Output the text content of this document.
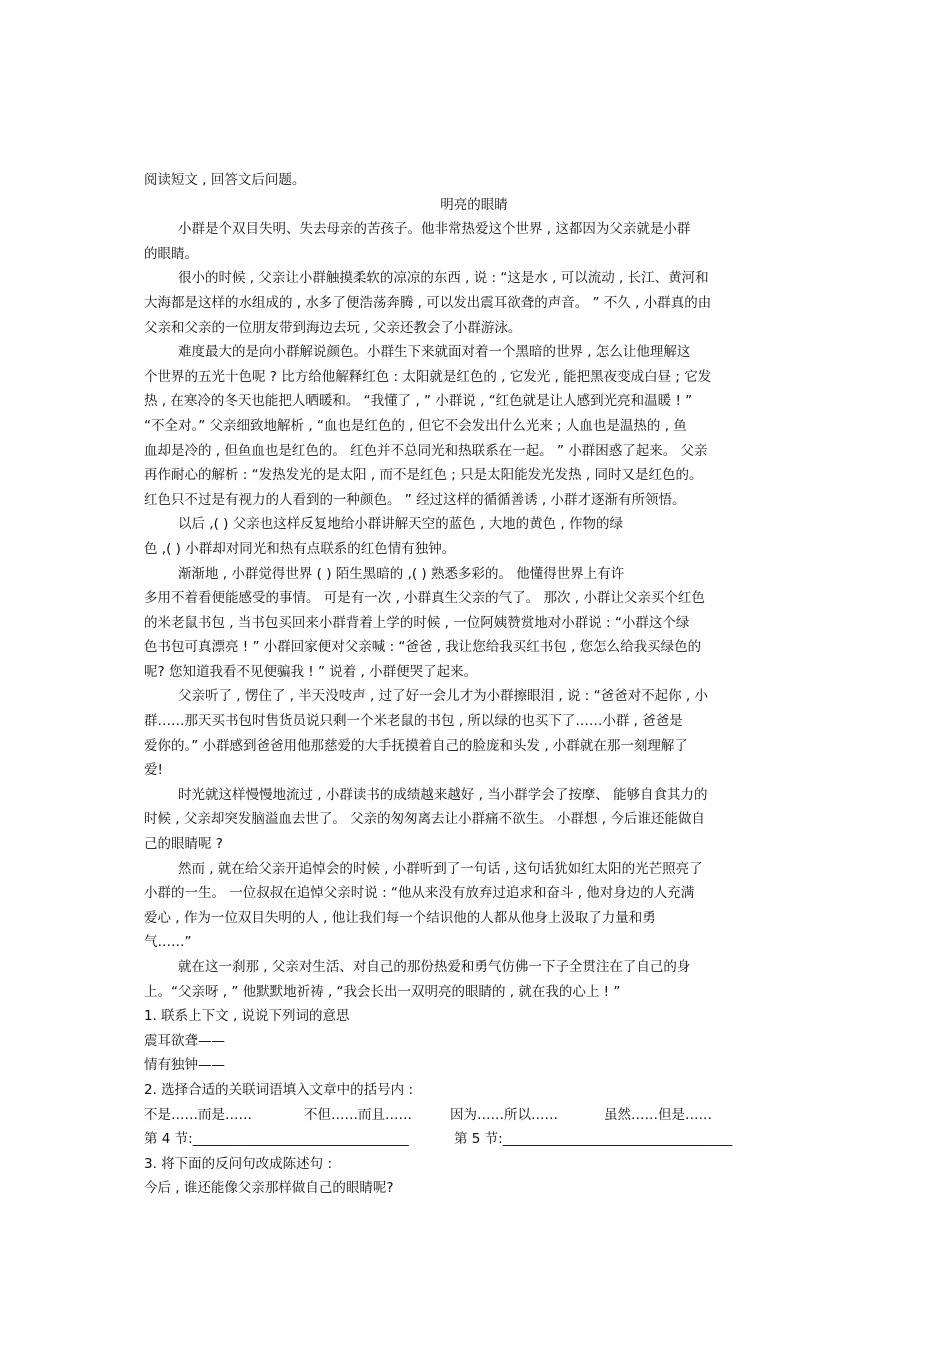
阅读短文 , 回答文后问题。
明亮的眼睛
小群是个双目失明、失去母亲的苦孩子。他非常热爱这个世界 , 这都因为父亲就是小群
的眼睛。
很小的时候 , 父亲让小群触摸柔软的凉凉的东西 , 说 : “这是水 , 可以流动 , 长江、黄河和
大海都是这样的水组成的 , 水多了便浩荡奔腾 , 可以发出震耳欲聋的声音。 ” 不久 , 小群真的由
父亲和父亲的一位朋友带到海边去玩 , 父亲还教会了小群游泳。
难度最大的是向小群解说颜色。小群生下来就面对着一个黑暗的世界 , 怎么让他理解这
个世界的五光十色呢 ? 比方给他解释红色 : 太阳就是红色的 , 它发光 , 能把黑夜变成白昼 ; 它发
热 , 在寒冷的冬天也能把人晒暖和。 “我懂了 , ” 小群说 , “红色就是让人感到光亮和温暖 ! ”
“不全对。” 父亲细致地解析 , “血也是红色的 , 但它不会发出什么光来 ; 人血也是温热的 , 鱼
血却是冷的 , 但鱼血也是红色的。 红色并不总同光和热联系在一起。 ” 小群困惑了起来。 父亲
再作耐心的解析 : “发热发光的是太阳 , 而不是红色 ; 只是太阳能发光发热 , 同时又是红色的。
红色只不过是有视力的人看到的一种颜色。 ” 经过这样的循循善诱 , 小群才逐渐有所领悟。
以后 ,( ) 父亲也这样反复地给小群讲解天空的蓝色 , 大地的黄色 , 作物的绿
色 ,( ) 小群却对同光和热有点联系的红色情有独钟。
渐渐地 , 小群觉得世界 ( ) 陌生黑暗的 ,( ) 熟悉多彩的。 他懂得世界上有许
多用不着看便能感受的事情。 可是有一次 , 小群真生父亲的气了。 那次 , 小群让父亲买个红色
的米老鼠书包 , 当书包买回来小群背着上学的时候 , 一位阿姨赞赏地对小群说 : “小群这个绿
色书包可真漂亮 ! ” 小群回家便对父亲喊 : “爸爸 , 我让您给我买红书包 , 您怎么给我买绿色的
呢? 您知道我看不见便骗我 ! ” 说着 , 小群便哭了起来。
父亲听了 , 愣住了 , 半天没吱声 , 过了好一会儿才为小群擦眼泪 , 说 : “爸爸对不起你 , 小
群……那天买书包时售货员说只剩一个米老鼠的书包 , 所以绿的也买下了……小群 , 爸爸是
爱你的。” 小群感到爸爸用他那慈爱的大手抚摸着自己的脸庞和头发 , 小群就在那一刻理解了
爱!
时光就这样慢慢地流过 , 小群读书的成绩越来越好 , 当小群学会了按摩、 能够自食其力的
时候 , 父亲却突发脑溢血去世了。 父亲的匆匆离去让小群痛不欲生。 小群想 , 今后谁还能做自
己的眼睛呢 ?
然而 , 就在给父亲开追悼会的时候 , 小群听到了一句话 , 这句话犹如红太阳的光芒照亮了
小群的一生。 一位叔叔在追悼父亲时说 : “他从来没有放弃过追求和奋斗 , 他对身边的人充满
爱心 , 作为一位双目失明的人 , 他让我们每一个结识他的人都从他身上汲取了力量和勇
气……”
就在这一刹那 , 父亲对生活、对自己的那份热爱和勇气仿佛一下子全贯注在了自己的身
上。“父亲呀 , ” 他默默地祈祷 , “我会长出一双明亮的眼睛的 , 就在我的心上 ! ”
1. 联系上下文 , 说说下列词的意思
震耳欲聋——
情有独钟——
2. 选择合适的关联词语填入文章中的括号内 :
不是……而是……	不但……而且……	因为……所以……	虽然……但是……
第 4 节:________________________________	第 5 节:__________________________________
3. 将下面的反问句改成陈述句 :
今后 , 谁还能像父亲那样做自己的眼睛呢?
